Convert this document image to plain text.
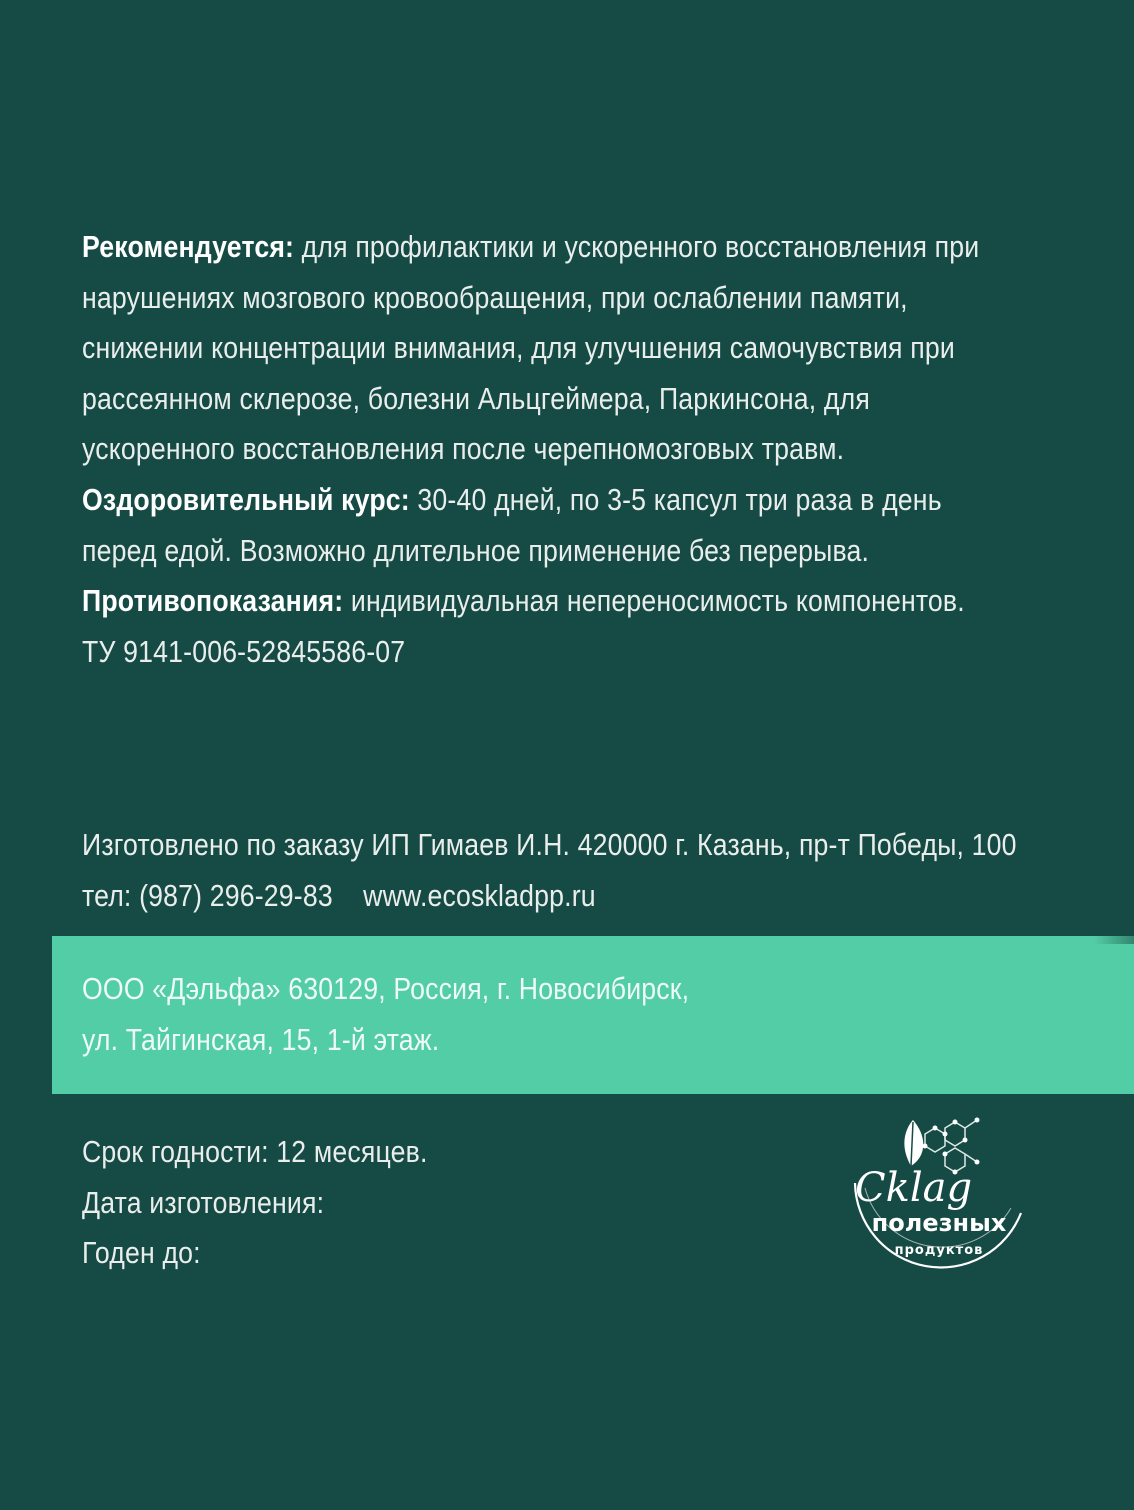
Рекомендуется: для профилактики и ускоренного восстановления при
нарушениях мозгового кровообращения, при ослаблении памяти,
снижении концентрации внимания, для улучшения самочувствия при
рассеянном склерозе, болезни Альцгеймера, Паркинсона, для
ускоренного восстановления после черепномозговых травм.
Оздоровительный курс: 30-40 дней, по 3-5 капсул три раза в день
перед едой. Возможно длительное применение без перерыва.
Противопоказания: индивидуальная непереносимость компонентов.
ТУ 9141-006-52845586-07
Изготовлено по заказу ИП Гимаев И.Н. 420000 г. Казань, пр-т Победы, 100
тел: (987) 296-29-83    www.ecoskladpp.ru
ООО «Дэльфа» 630129, Россия, г. Новосибирск,
ул. Тайгинская, 15, 1-й этаж.
Срок годности: 12 месяцев.
Дата изготовления:
Годен до:
Cklag
полезных
продуктов
